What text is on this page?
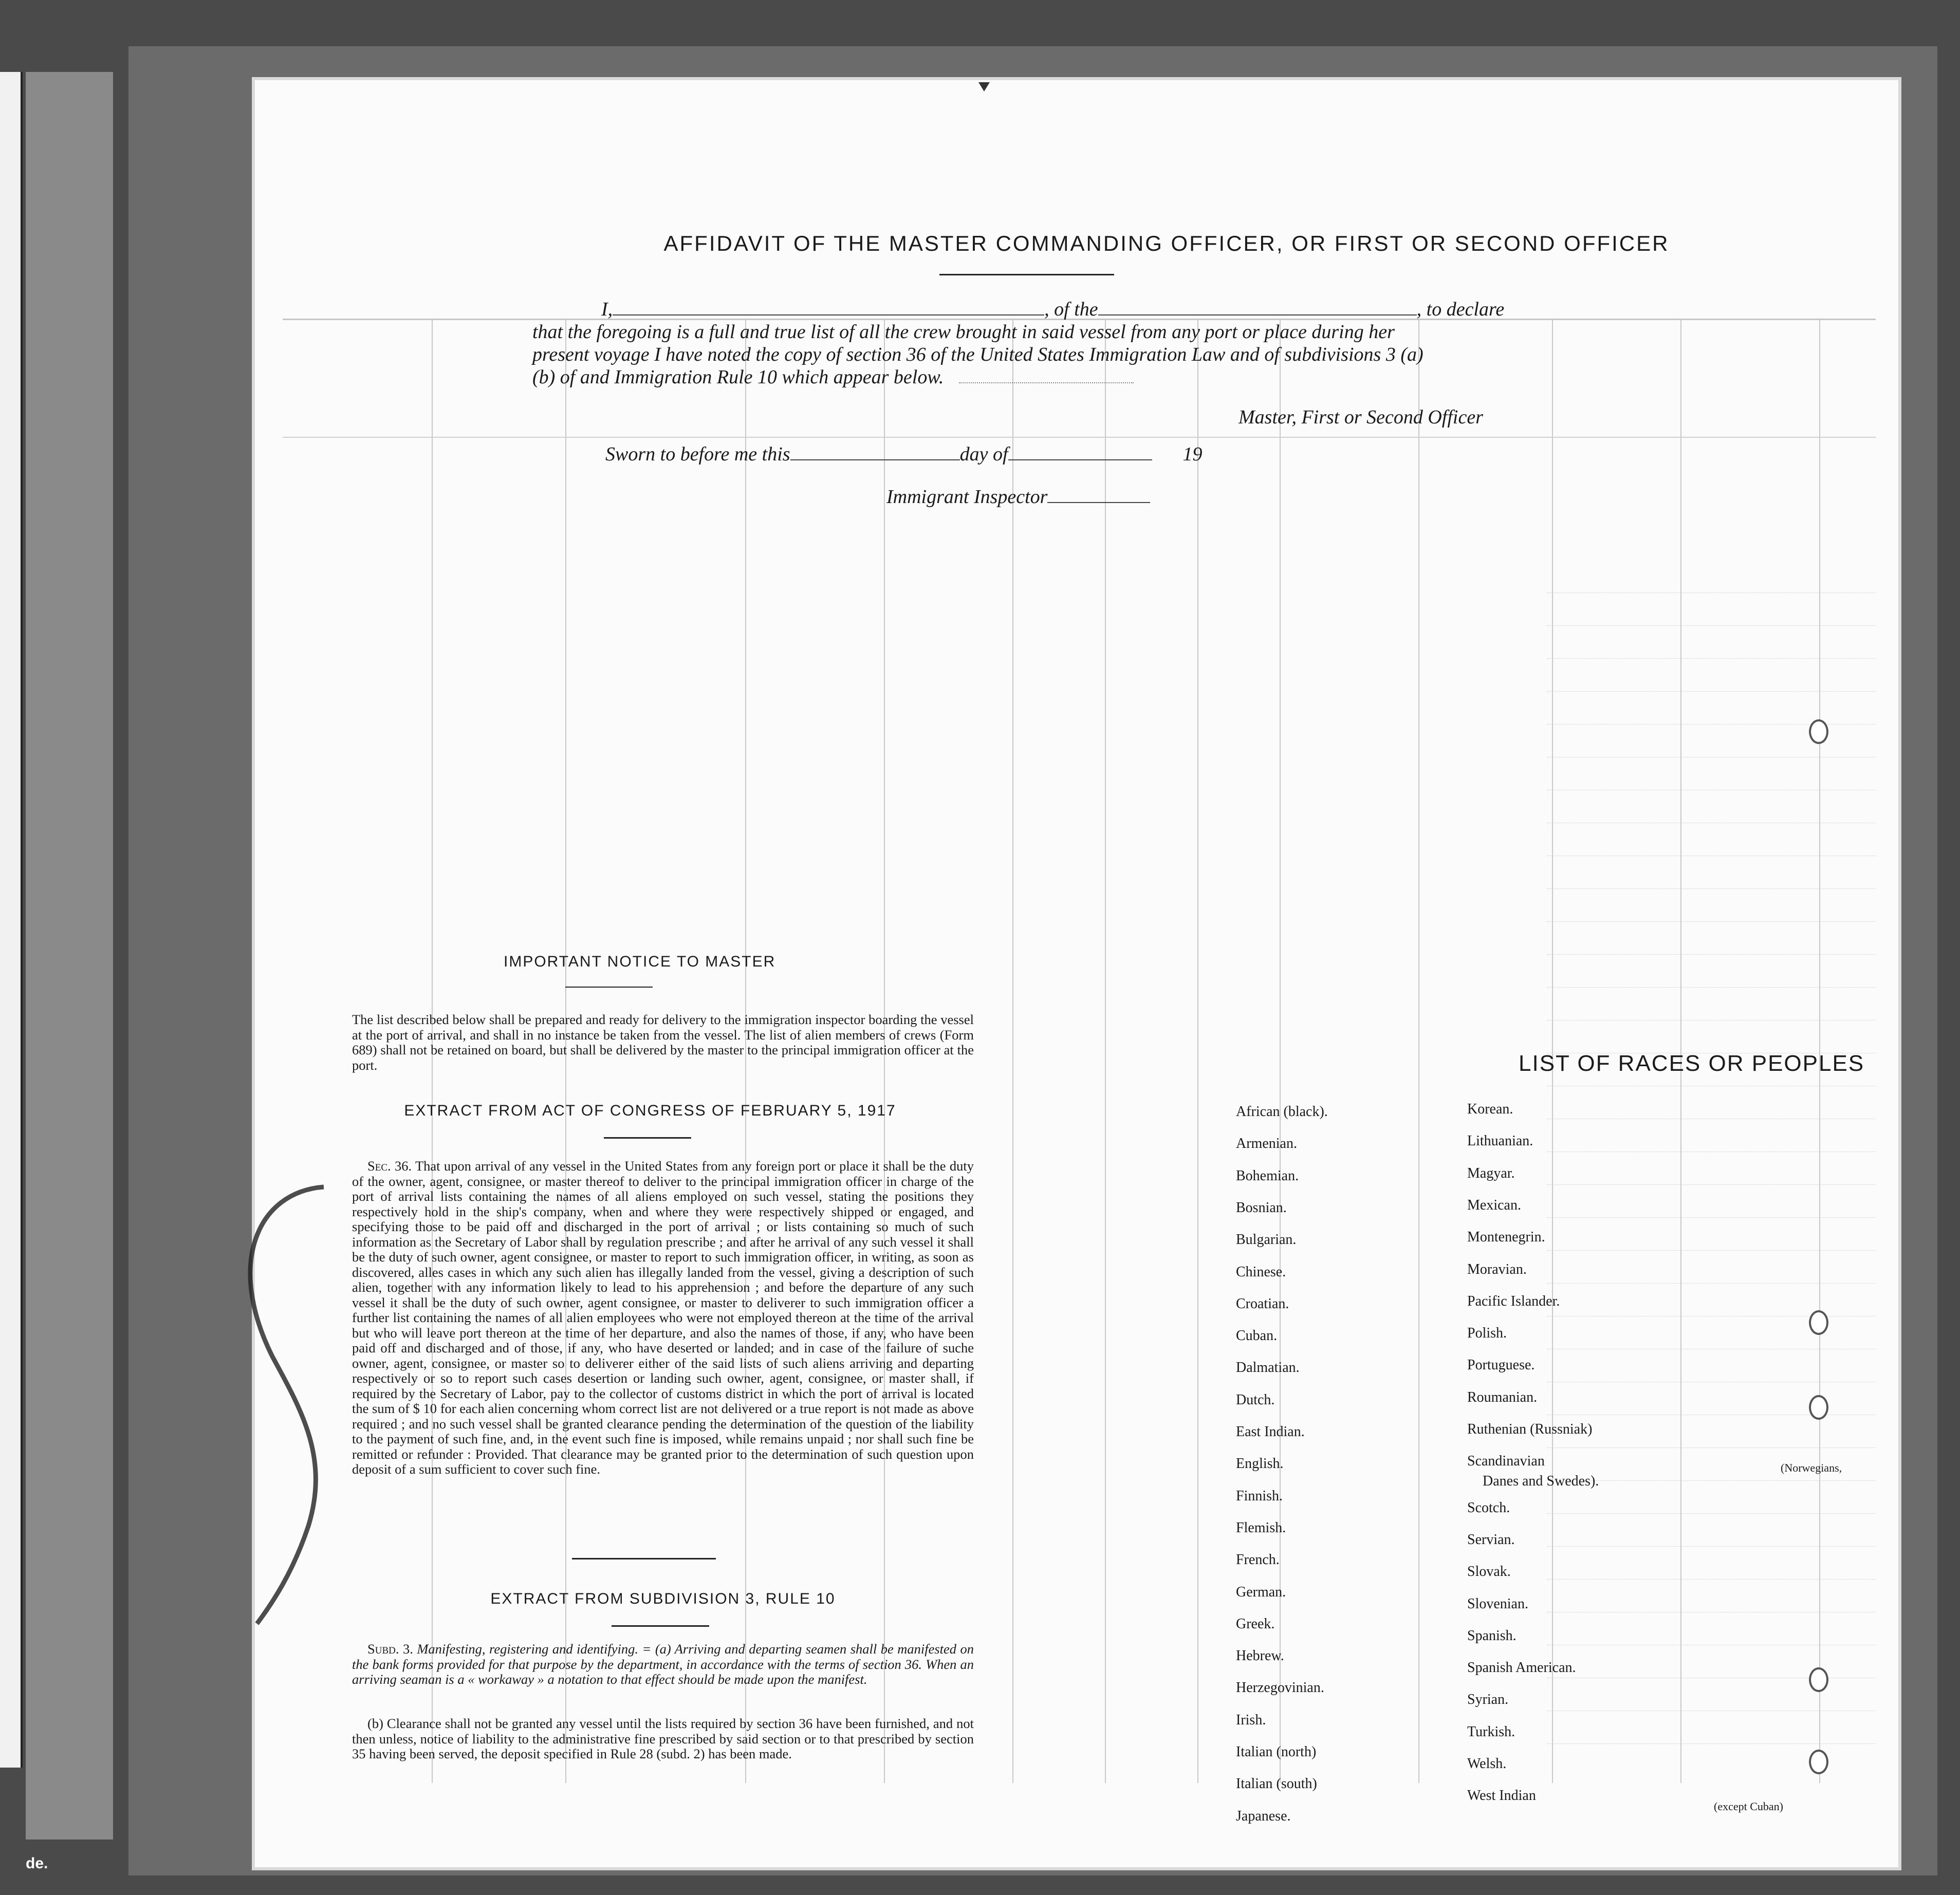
de.
AFFIDAVIT OF THE MASTER COMMANDING OFFICER, OR FIRST OR SECOND OFFICER
I,	, of the	, to declare
that the foregoing is a full and true list of all the crew brought in said vessel from any port or place during her
present voyage I have noted the copy of section 36 of the United States Immigration Law and of subdivisions 3 (a)
(b) of and Immigration Rule 10 which appear below.
Master, First or Second Officer
Sworn to before me this	day of	19
Immigrant Inspector
IMPORTANT NOTICE TO MASTER
The list described below shall be prepared and ready for delivery to the immigration inspector boarding the vessel at the port of arrival, and shall in no instance be taken from the vessel. The list of alien members of crews (Form 689) shall not be retained on board, but shall be delivered by the master to the principal immigration officer at the port.
EXTRACT FROM ACT OF CONGRESS OF FEBRUARY 5, 1917
Sec. 36. That upon arrival of any vessel in the United States from any foreign port or place it shall be the duty of the owner, agent, consignee, or master thereof to deliver to the principal immigration officer in charge of the port of arrival lists containing the names of all aliens employed on such vessel, stating the positions they respectively hold in the ship's company, when and where they were respectively shipped or engaged, and specifying those to be paid off and discharged in the port of arrival ; or lists containing so much of such information as the Secretary of Labor shall by regulation prescribe ; and after he arrival of any such vessel it shall be the duty of such owner, agent consignee, or master to report to such immigration officer, in writing, as soon as discovered, alles cases in which any such alien has illegally landed from the vessel, giving a description of such alien, together with any information likely to lead to his apprehension ; and before the departure of any such vessel it shall be the duty of such owner, agent consignee, or master to deliverer to such immigration officer a further list containing the names of all alien employees who were not employed thereon at the time of the arrival but who will leave port thereon at the time of her departure, and also the names of those, if any, who have been paid off and discharged and of those, if any, who have deserted or landed; and in case of the failure of suche owner, agent, consignee, or master so to deliverer either of the said lists of such aliens arriving and departing respectively or so to report such cases desertion or landing such owner, agent, consignee, or master shall, if required by the Secretary of Labor, pay to the collector of customs district in which the port of arrival is located the sum of $ 10 for each alien concerning whom correct list are not delivered or a true report is not made as above required ; and no such vessel shall be granted clearance pending the determination of the question of the liability to the payment of such fine, and, in the event such fine is imposed, while remains unpaid ; nor shall such fine be remitted or refunder : Provided. That clearance may be granted prior to the determination of such question upon deposit of a sum sufficient to cover such fine.
EXTRACT FROM SUBDIVISION 3, RULE 10
Subd. 3. Manifesting, registering and identifying. = (a) Arriving and departing seamen shall be manifested on the bank forms provided for that purpose by the department, in accordance with the terms of section 36. When an arriving seaman is a « workaway » a notation to that effect should be made upon the manifest.
(b) Clearance shall not be granted any vessel until the lists required by section 36 have been furnished, and not then unless, notice of liability to the administrative fine prescribed by said section or to that prescribed by section 35 having been served, the deposit specified in Rule 28 (subd. 2) has been made.
LIST OF RACES OR PEOPLES
African (black).
Armenian.
Bohemian.
Bosnian.
Bulgarian.
Chinese.
Croatian.
Cuban.
Dalmatian.
Dutch.
East Indian.
English.
Finnish.
Flemish.
French.
German.
Greek.
Hebrew.
Herzegovinian.
Irish.
Italian (north)
Italian (south)
Japanese.
Korean.
Lithuanian.
Magyar.
Mexican.
Montenegrin.
Moravian.
Pacific Islander.
Polish.
Portuguese.
Roumanian.
Ruthenian (Russniak)
Scandinavian
Scotch.
Servian.
Slovak.
Slovenian.
Spanish.
Spanish American.
Syrian.
Turkish.
Welsh.
West Indian
(Norwegians,
Danes and Swedes).
(except Cuban)
